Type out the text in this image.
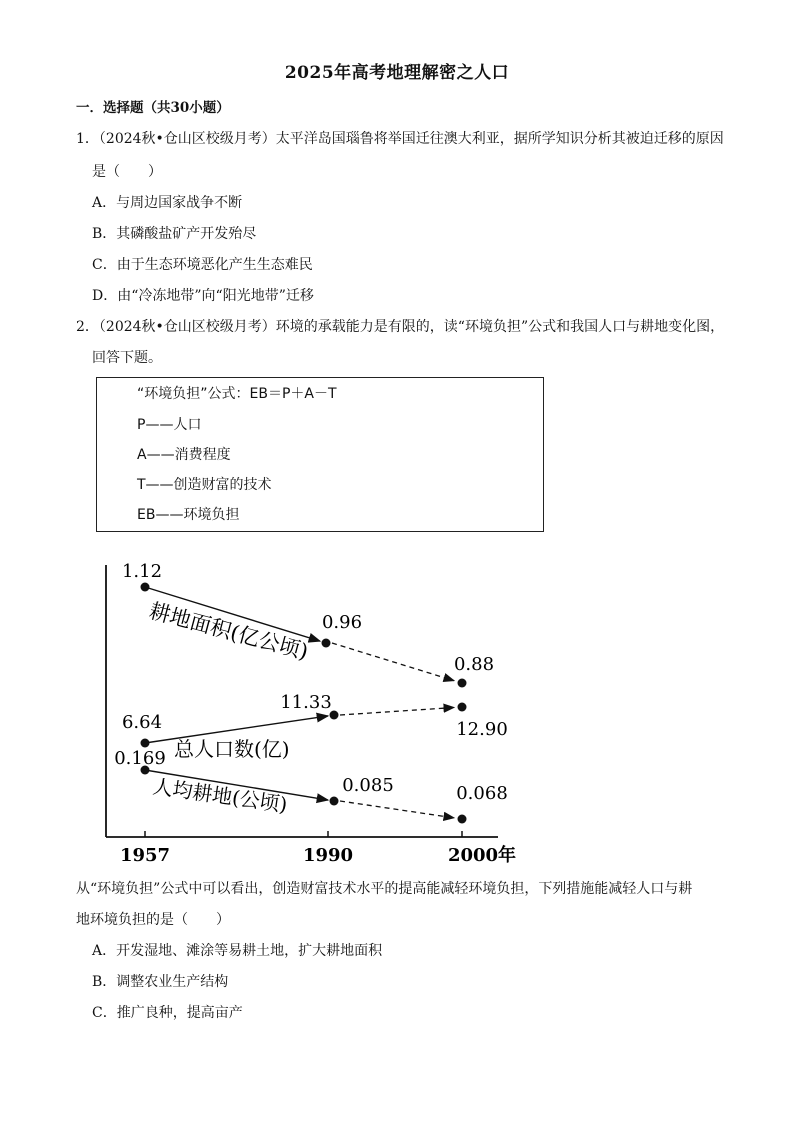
2025年高考地理解密之人口
一．选择题（共30小题）
1．（2024秋•仓山区校级月考）太平洋岛国瑙鲁将举国迁往澳大利亚，据所学知识分析其被迫迁移的原因
是（　　）
A．与周边国家战争不断
B．其磷酸盐矿产开发殆尽
C．由于生态环境恶化产生生态难民
D．由“冷冻地带”向“阳光地带”迁移
2．（2024秋•仓山区校级月考）环境的承载能力是有限的，读“环境负担”公式和我国人口与耕地变化图，
回答下题。
“环境负担”公式：EB＝P＋A－T
P——人口
A——消费程度
T——创造财富的技术
EB——环境负担
1957	1990	2000年
1.12
0.96
0.88
耕地面积(亿公顷)
6.64
11.33
12.90
总人口数(亿)
0.169
0.085	0.068
人均耕地(公顷)
从“环境负担”公式中可以看出，创造财富技术水平的提高能减轻环境负担，下列措施能减轻人口与耕
地环境负担的是（　　）
A．开发湿地、滩涂等易耕土地，扩大耕地面积
B．调整农业生产结构
C．推广良种，提高亩产
